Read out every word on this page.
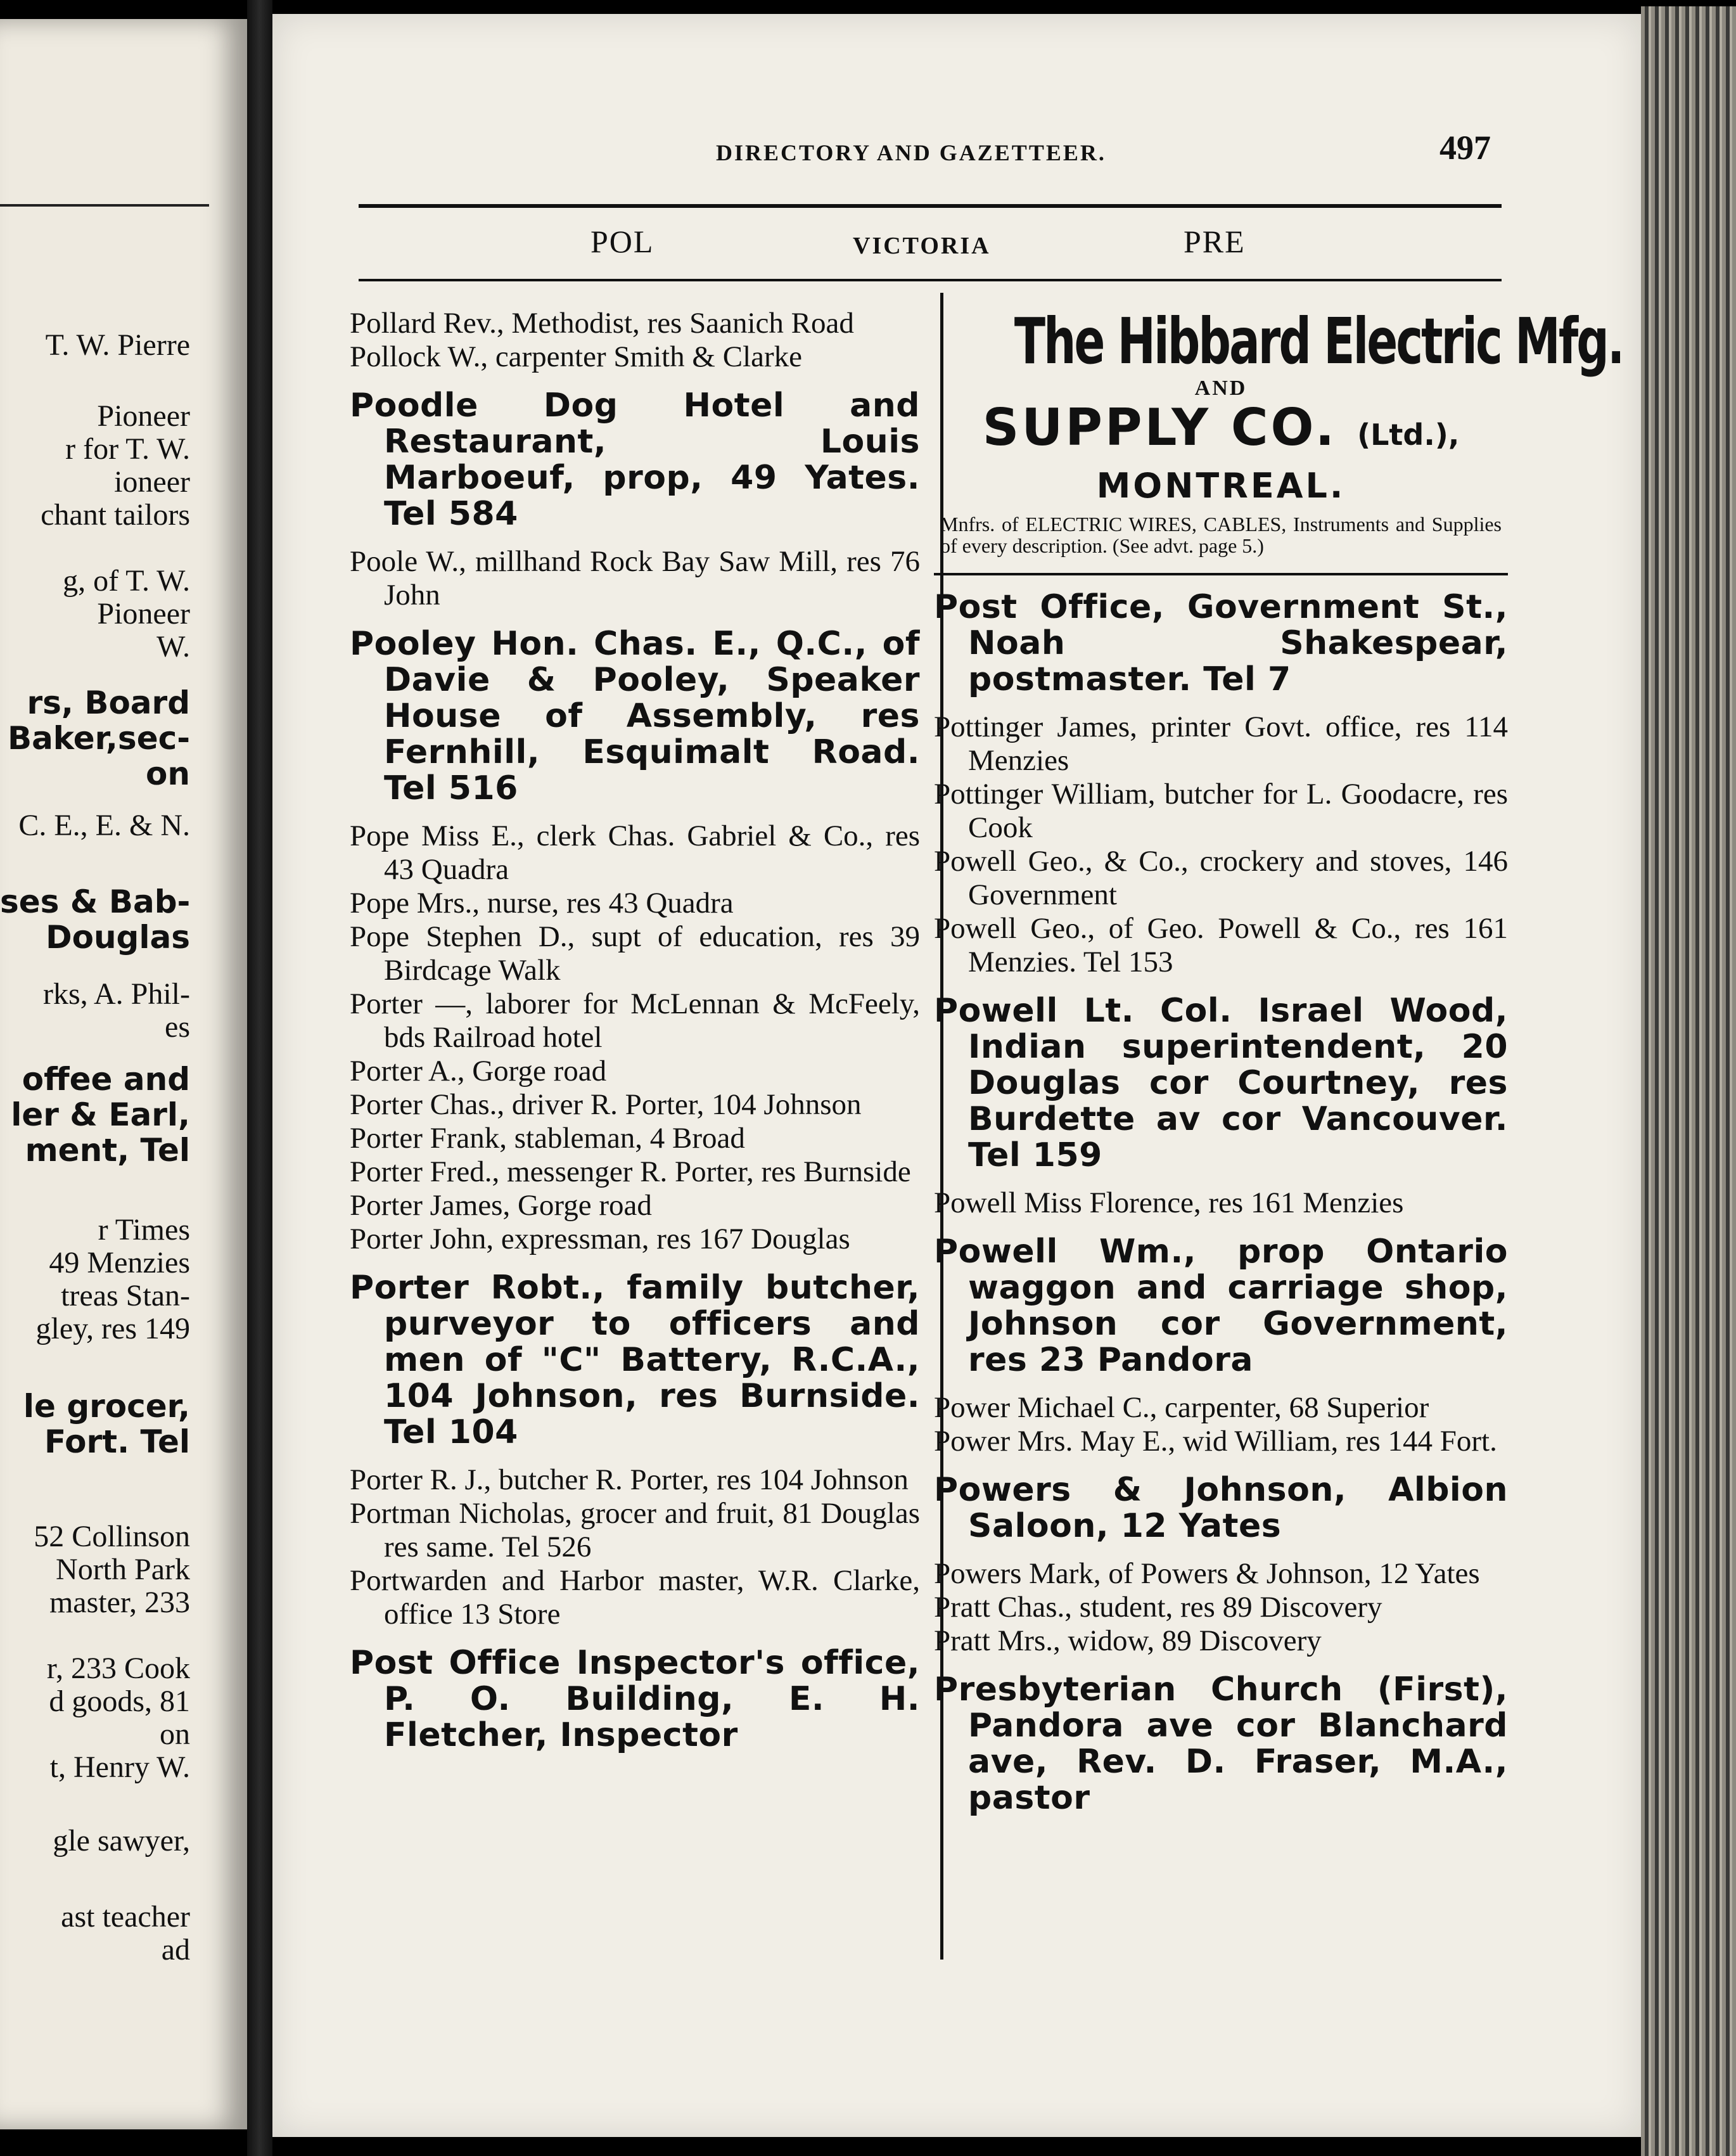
T. W. Pierre
Pioneer
r for T. W.
ioneer
chant tailors
g, of T. W.
Pioneer
W.
rs, Board
Baker,sec-
on
C. E., E. & N.
ses & Bab-
Douglas
rks, A. Phil-
es
offee and
ler & Earl,
ment, Tel
r Times
49 Menzies
treas Stan-
gley, res 149
le grocer,
Fort. Tel
52 Collinson
North Park
master, 233
r, 233 Cook
d goods, 81
on
t, Henry W.
gle sawyer,
ast teacher
ad
DIRECTORY AND GAZETTEER.	497
POL	VICTORIA	PRE
Pollard Rev., Methodist, res Saanich Road
Pollock W., carpenter Smith & Clarke
Poodle Dog Hotel and Restaurant, Louis Marboeuf, prop, 49 Yates. Tel 584
Poole W., millhand Rock Bay Saw Mill, res 76 John
Pooley Hon. Chas. E., Q.C., of Davie & Pooley, Speaker House of Assembly, res Fernhill, Esquimalt Road. Tel 516
Pope Miss E., clerk Chas. Gabriel & Co., res 43 Quadra
Pope Mrs., nurse, res 43 Quadra
Pope Stephen D., supt of education, res 39 Birdcage Walk
Porter —, laborer for McLennan & McFeely, bds Railroad hotel
Porter A., Gorge road
Porter Chas., driver R. Porter, 104 Johnson
Porter Frank, stableman, 4 Broad
Porter Fred., messenger R. Porter, res Burnside
Porter James, Gorge road
Porter John, expressman, res 167 Douglas
Porter Robt., family butcher, purveyor to officers and men of "C" Battery, R.C.A., 104 Johnson, res Burnside. Tel 104
Porter R. J., butcher R. Porter, res 104 Johnson
Portman Nicholas, grocer and fruit, 81 Douglas res same. Tel 526
Portwarden and Harbor master, W.R. Clarke, office 13 Store
Post Office Inspector's office, P. O. Building, E. H. Fletcher, Inspector
The Hibbard Electric Mfg.
AND
SUPPLY CO. (Ltd.),
MONTREAL.
Mnfrs. of ELECTRIC WIRES, CABLES, Instruments and Supplies of every description. (See advt. page 5.)
Post Office, Government St., Noah Shakespear, postmaster. Tel 7
Pottinger James, printer Govt. office, res 114 Menzies
Pottinger William, butcher for L. Goodacre, res Cook
Powell Geo., & Co., crockery and stoves, 146 Government
Powell Geo., of Geo. Powell & Co., res 161 Menzies. Tel 153
Powell Lt. Col. Israel Wood, Indian superintendent, 20 Douglas cor Courtney, res Burdette av cor Vancouver. Tel 159
Powell Miss Florence, res 161 Menzies
Powell Wm., prop Ontario waggon and carriage shop, Johnson cor Government, res 23 Pandora
Power Michael C., carpenter, 68 Superior
Power Mrs. May E., wid William, res 144 Fort.
Powers & Johnson, Albion Saloon, 12 Yates
Powers Mark, of Powers & Johnson, 12 Yates
Pratt Chas., student, res 89 Discovery
Pratt Mrs., widow, 89 Discovery
Presbyterian Church (First), Pandora ave cor Blanchard ave, Rev. D. Fraser, M.A., pastor
